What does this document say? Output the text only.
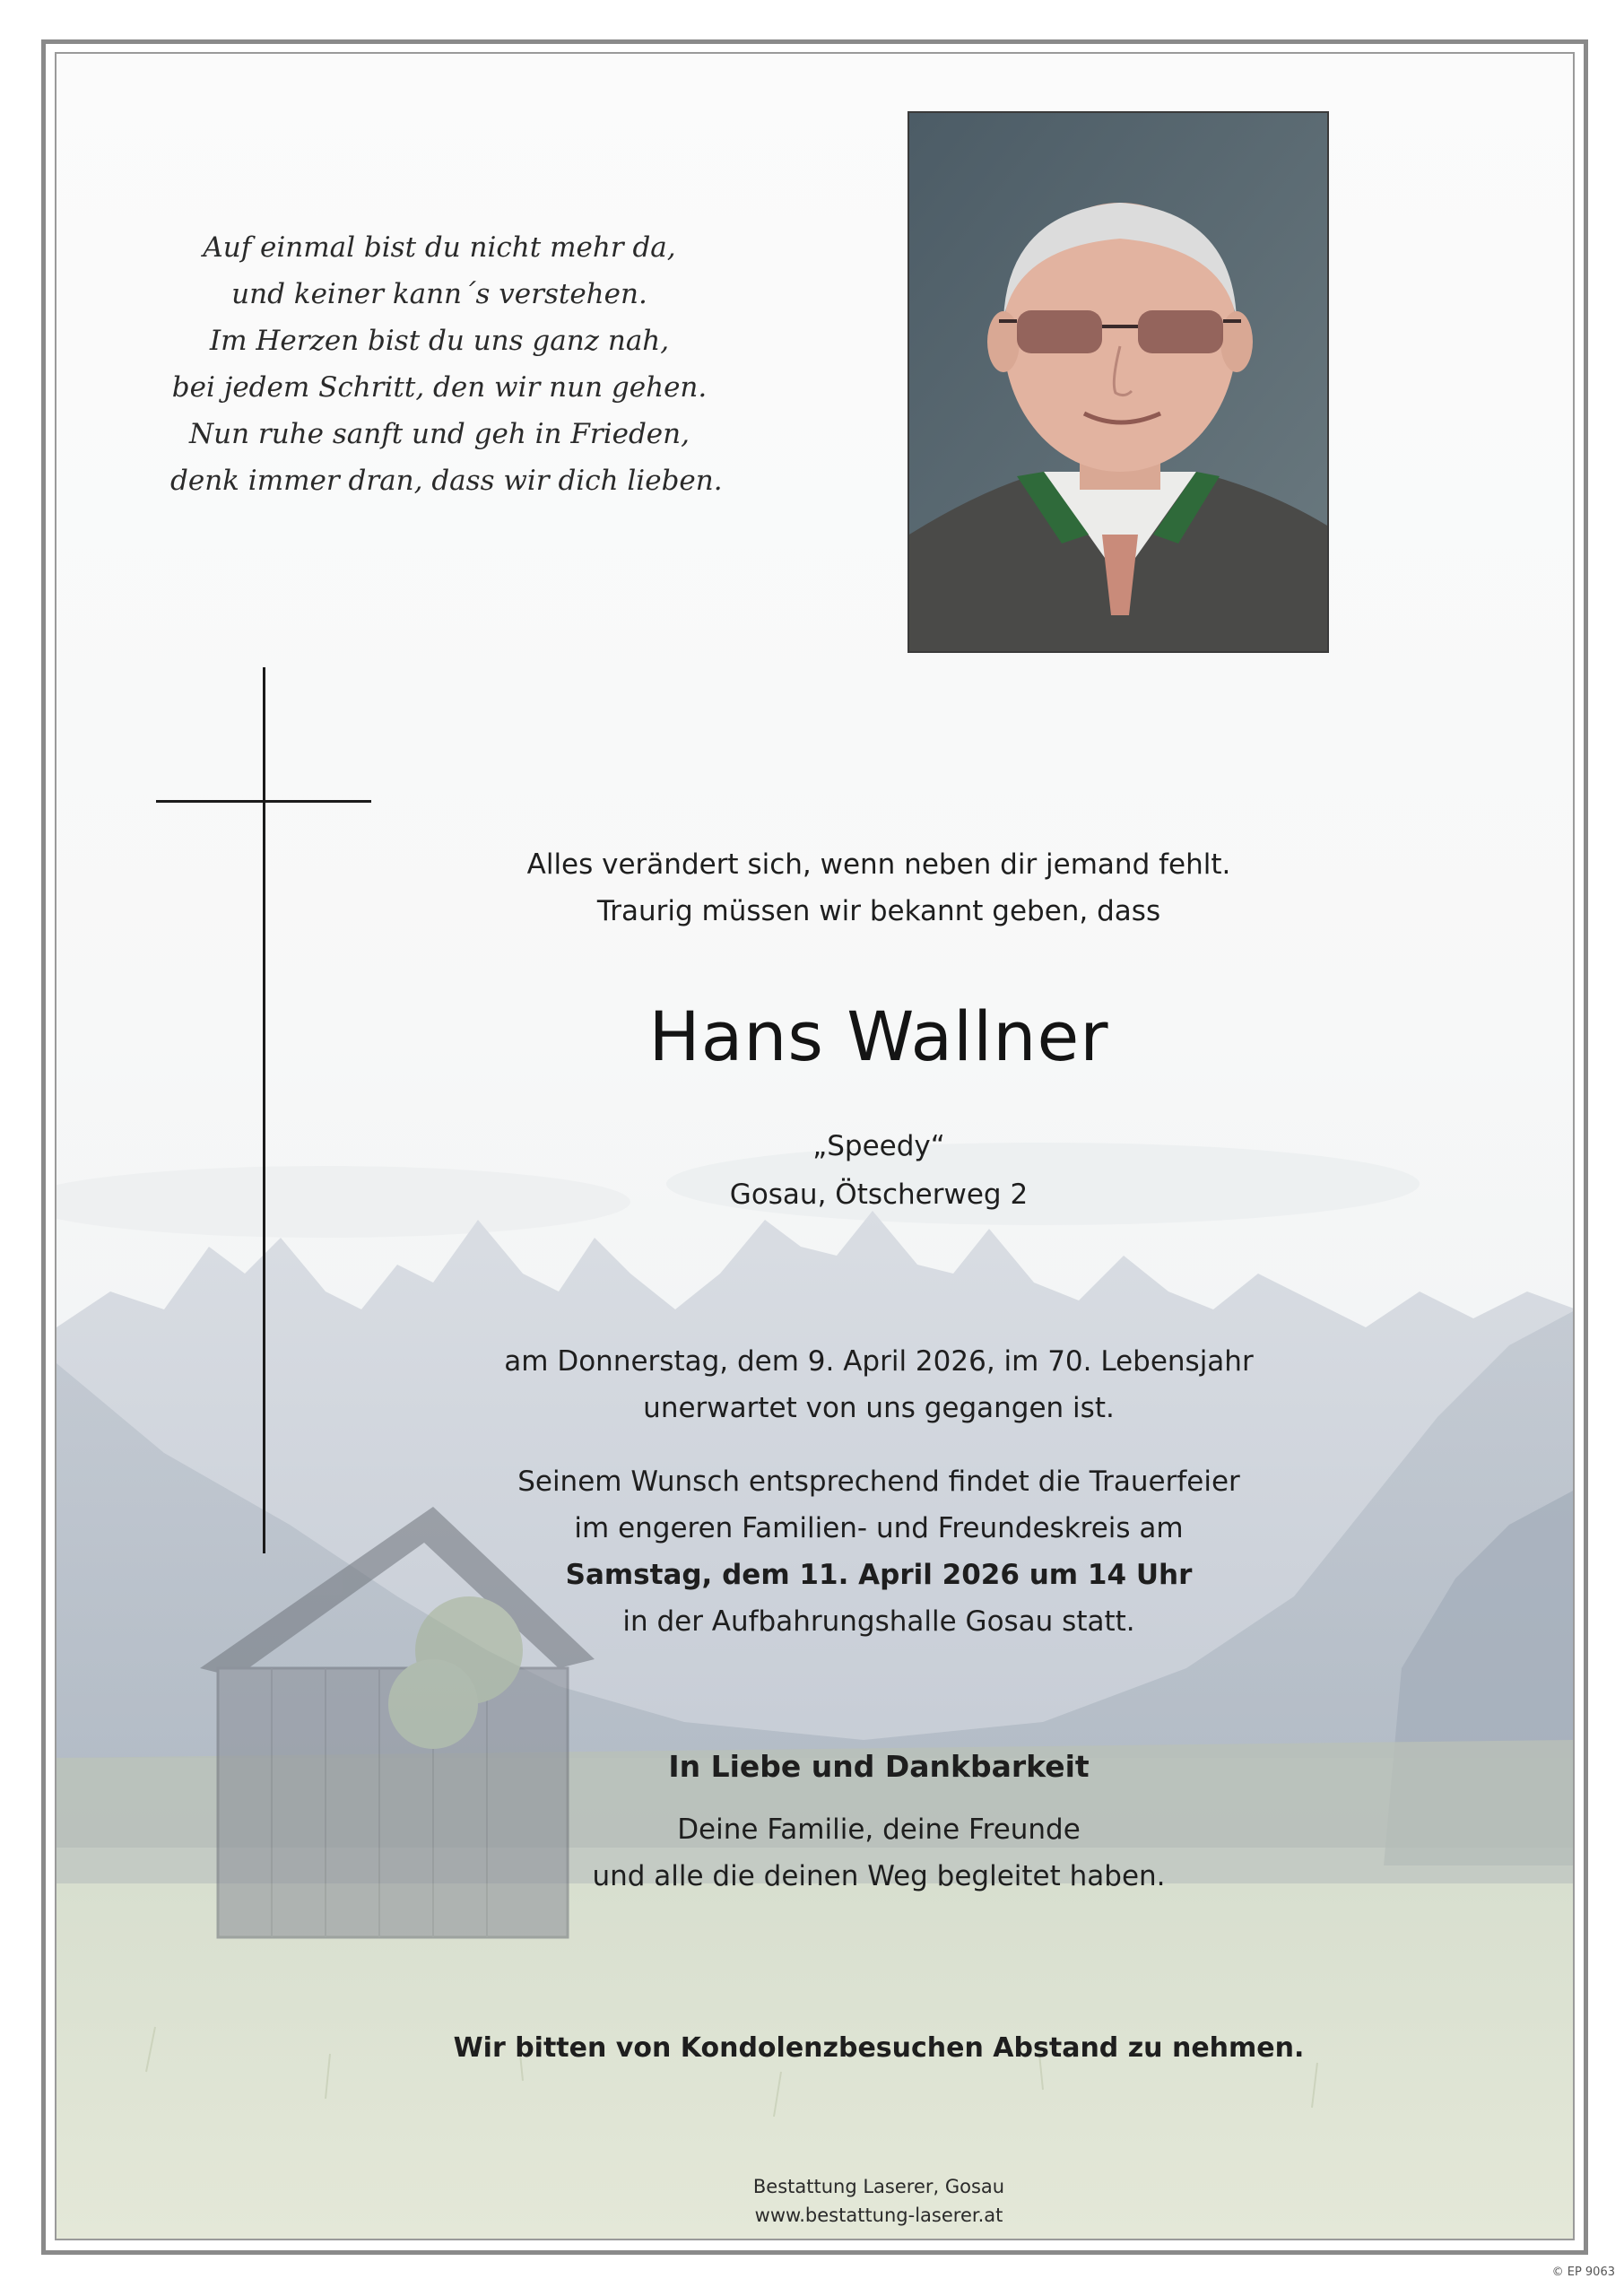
Auf einmal bist du nicht mehr da,
und keiner kann´s verstehen.
Im Herzen bist du uns ganz nah,
bei jedem Schritt, den wir nun gehen.
Nun ruhe sanft und geh in Frieden,
denk immer dran, dass wir dich lieben.
Alles verändert sich, wenn neben dir jemand fehlt.
Traurig müssen wir bekannt geben, dass
Hans Wallner
„Speedy“
Gosau, Ötscherweg 2
am Donnerstag, dem 9. April 2026, im 70. Lebensjahr
unerwartet von uns gegangen ist.
Seinem Wunsch entsprechend findet die Trauerfeier
im engeren Familien- und Freundeskreis am
Samstag, dem 11. April 2026 um 14 Uhr
in der Aufbahrungshalle Gosau statt.
In Liebe und Dankbarkeit
Deine Familie, deine Freunde
und alle die deinen Weg begleitet haben.
Wir bitten von Kondolenzbesuchen Abstand zu nehmen.
Bestattung Laserer, Gosau
www.bestattung-laserer.at
© EP 9063
